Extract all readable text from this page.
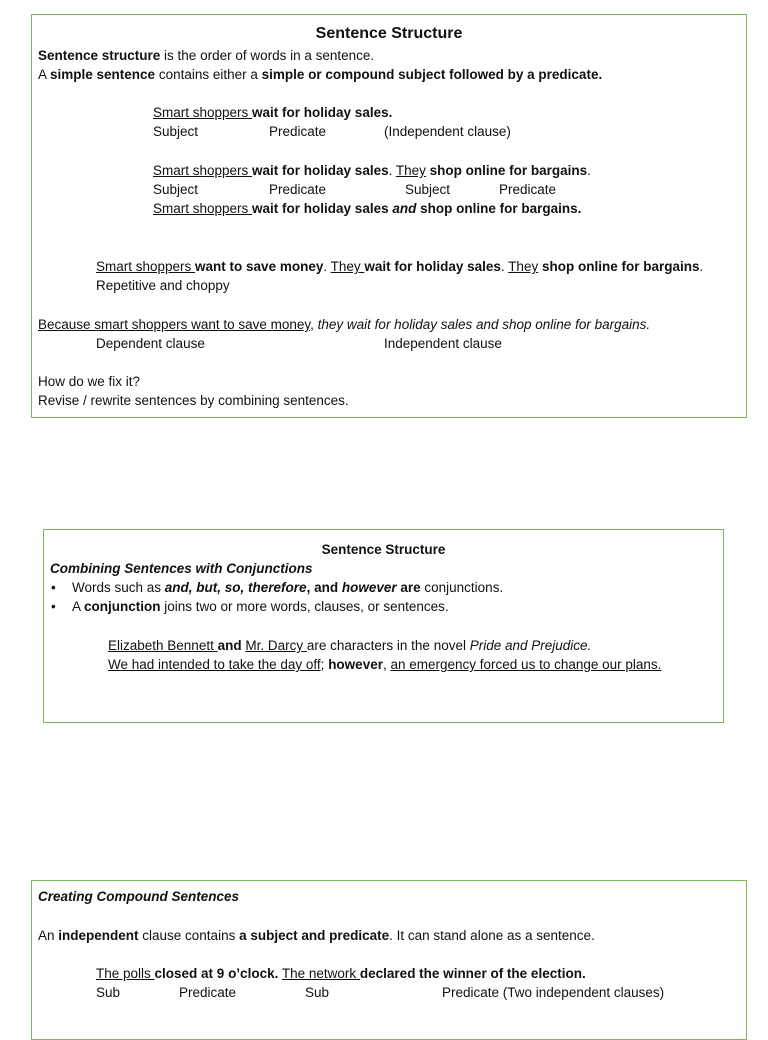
Sentence Structure
Sentence structure is the order of words in a sentence.
A simple sentence contains either a simple or compound subject followed by a predicate.
Smart shoppers wait for holiday sales.
Subject	Predicate	(Independent clause)
Smart shoppers wait for holiday sales. They shop online for bargains.
Subject	Predicate	Subject	Predicate
Smart shoppers wait for holiday sales and shop online for bargains.
Smart shoppers want to save money. They wait for holiday sales. They shop online for bargains.
Repetitive and choppy
Because smart shoppers want to save money, they wait for holiday sales and shop online for bargains.
Dependent clause	Independent clause
How do we fix it?
Revise / rewrite sentences by combining sentences.
Sentence Structure
Combining Sentences with Conjunctions
• Words such as and, but, so, therefore, and however are conjunctions.
• A conjunction joins two or more words, clauses, or sentences.
Elizabeth Bennett and Mr. Darcy are characters in the novel Pride and Prejudice.
We had intended to take the day off; however, an emergency forced us to change our plans.
Creating Compound Sentences
An independent clause contains a subject and predicate. It can stand alone as a sentence.
The polls closed at 9 o’clock. The network declared the winner of the election.
Sub	Predicate	Sub	Predicate (Two independent clauses)
